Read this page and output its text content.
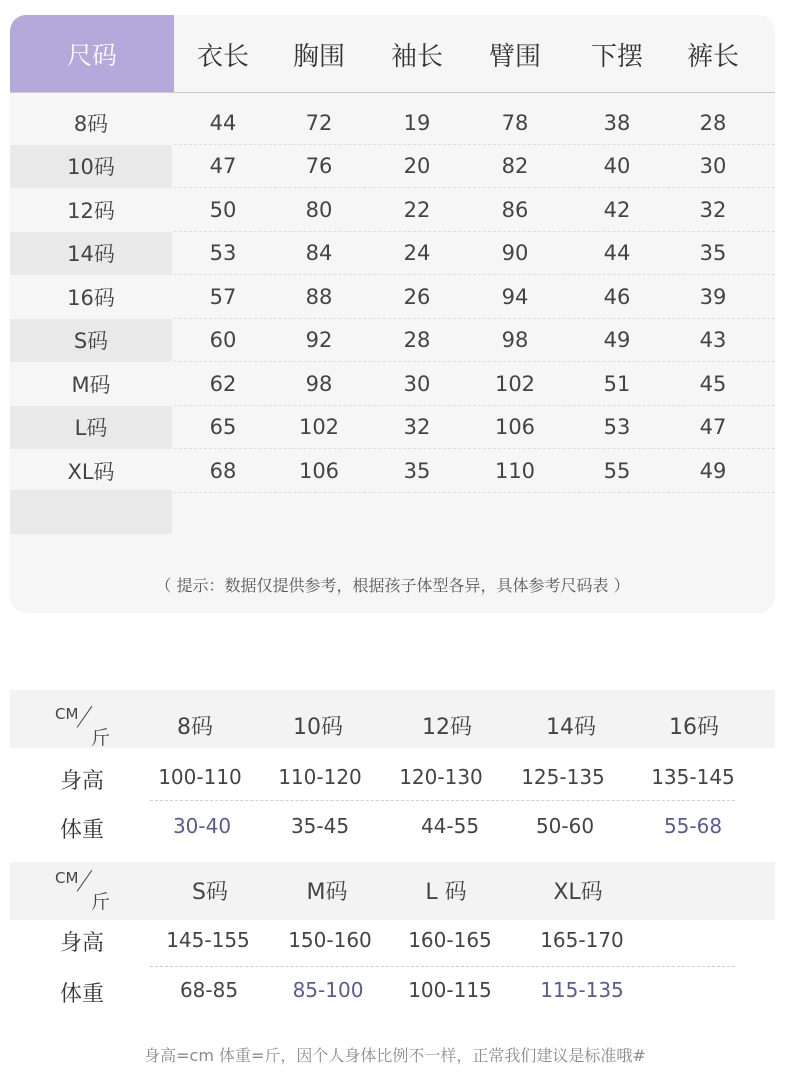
尺码	衣长	胸围	袖长	臂围	下摆	裤长
8码	44	72	19	78	38	28
10码	47	76	20	82	40	30
12码	50	80	22	86	42	32
14码	53	84	24	90	44	35
16码	57	88	26	94	46	39
S码	60	92	28	98	49	43
M码	62	98	30	102	51	45
L码	65	102	32	106	53	47
XL码	68	106	35	110	55	49
（ 提示：数据仅提供参考，根据孩子体型各异，具体参考尺码表 ）
CM
斤	8码	10码	12码	14码	16码
身高	100-110	110-120	120-130	125-135	135-145
体重	30-40	35-45	44-55	50-60	55-68
CM
斤	S码	M码	L 码	XL码
身高	145-155	150-160	160-165	165-170
体重	68-85	85-100	100-115	115-135
身高=cm 体重=斤，因个人身体比例不一样，正常我们建议是标准哦#
